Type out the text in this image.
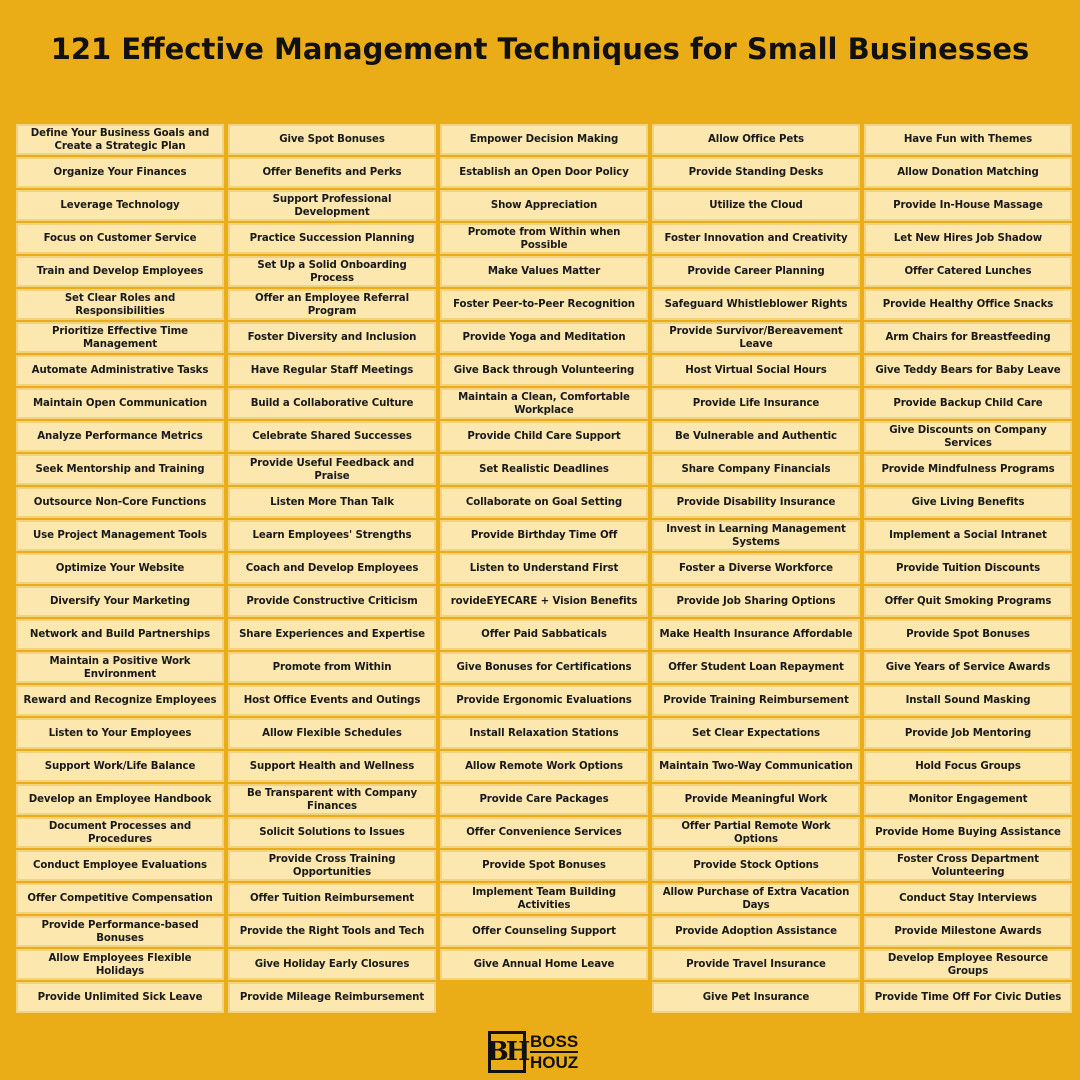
121 Effective Management Techniques for Small Businesses
Define Your Business Goals and Create a Strategic Plan
Organize Your Finances
Leverage Technology
Focus on Customer Service
Train and Develop Employees
Set Clear Roles and Responsibilities
Prioritize Effective Time Management
Automate Administrative Tasks
Maintain Open Communication
Analyze Performance Metrics
Seek Mentorship and Training
Outsource Non-Core Functions
Use Project Management Tools
Optimize Your Website
Diversify Your Marketing
Network and Build Partnerships
Maintain a Positive Work Environment
Reward and Recognize Employees
Listen to Your Employees
Support Work/Life Balance
Develop an Employee Handbook
Document Processes and Procedures
Conduct Employee Evaluations
Offer Competitive Compensation
Provide Performance-based Bonuses
Allow Employees Flexible Holidays
Provide Unlimited Sick Leave
Give Spot Bonuses
Offer Benefits and Perks
Support Professional Development
Practice Succession Planning
Set Up a Solid Onboarding Process
Offer an Employee Referral Program
Foster Diversity and Inclusion
Have Regular Staff Meetings
Build a Collaborative Culture
Celebrate Shared Successes
Provide Useful Feedback and Praise
Listen More Than Talk
Learn Employees' Strengths
Coach and Develop Employees
Provide Constructive Criticism
Share Experiences and Expertise
Promote from Within
Host Office Events and Outings
Allow Flexible Schedules
Support Health and Wellness
Be Transparent with Company Finances
Solicit Solutions to Issues
Provide Cross Training Opportunities
Offer Tuition Reimbursement
Provide the Right Tools and Tech
Give Holiday Early Closures
Provide Mileage Reimbursement
Empower Decision Making
Establish an Open Door Policy
Show Appreciation
Promote from Within when Possible
Make Values Matter
Foster Peer-to-Peer Recognition
Provide Yoga and Meditation
Give Back through Volunteering
Maintain a Clean, Comfortable Workplace
Provide Child Care Support
Set Realistic Deadlines
Collaborate on Goal Setting
Provide Birthday Time Off
Listen to Understand First
rovideEYECARE + Vision Benefits
Offer Paid Sabbaticals
Give Bonuses for Certifications
Provide Ergonomic Evaluations
Install Relaxation Stations
Allow Remote Work Options
Provide Care Packages
Offer Convenience Services
Provide Spot Bonuses
Implement Team Building Activities
Offer Counseling Support
Give Annual Home Leave
Allow Office Pets
Provide Standing Desks
Utilize the Cloud
Foster Innovation and Creativity
Provide Career Planning
Safeguard Whistleblower Rights
Provide Survivor/Bereavement Leave
Host Virtual Social Hours
Provide Life Insurance
Be Vulnerable and Authentic
Share Company Financials
Provide Disability Insurance
Invest in Learning Management Systems
Foster a Diverse Workforce
Provide Job Sharing Options
Make Health Insurance Affordable
Offer Student Loan Repayment
Provide Training Reimbursement
Set Clear Expectations
Maintain Two-Way Communication
Provide Meaningful Work
Offer Partial Remote Work Options
Provide Stock Options
Allow Purchase of Extra Vacation Days
Provide Adoption Assistance
Provide Travel Insurance
Give Pet Insurance
Have Fun with Themes
Allow Donation Matching
Provide In-House Massage
Let New Hires Job Shadow
Offer Catered Lunches
Provide Healthy Office Snacks
Arm Chairs for Breastfeeding
Give Teddy Bears for Baby Leave
Provide Backup Child Care
Give Discounts on Company Services
Provide Mindfulness Programs
Give Living Benefits
Implement a Social Intranet
Provide Tuition Discounts
Offer Quit Smoking Programs
Provide Spot Bonuses
Give Years of Service Awards
Install Sound Masking
Provide Job Mentoring
Hold Focus Groups
Monitor Engagement
Provide Home Buying Assistance
Foster Cross Department Volunteering
Conduct Stay Interviews
Provide Milestone Awards
Develop Employee Resource Groups
Provide Time Off For Civic Duties
BH BOSS
HOUZ
